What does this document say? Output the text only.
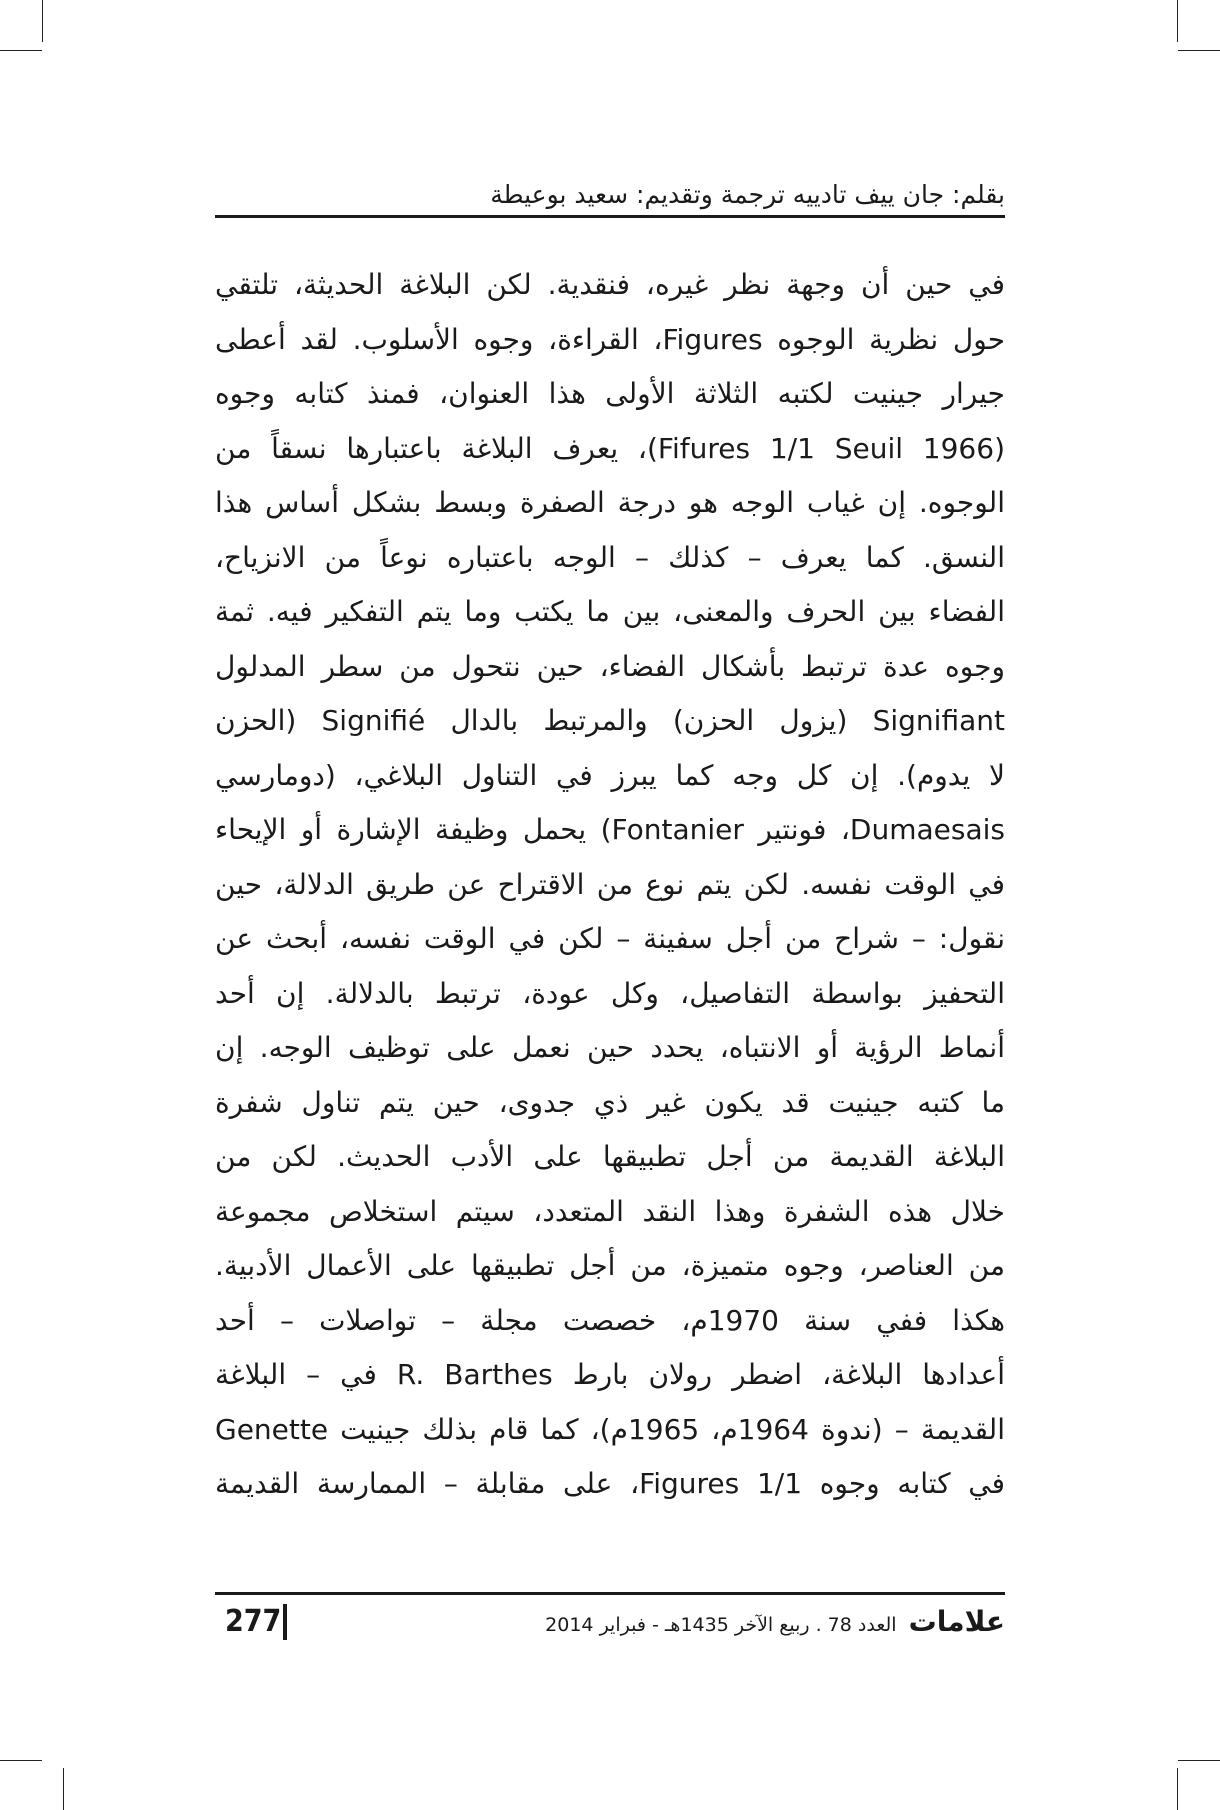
بقلم: جان ييف تادييه ترجمة وتقديم: سعيد بوعيطة
في حين أن وجهة نظر غيره، فنقدية. لكن البلاغة الحديثة، تلتقي
حول نظرية الوجوه Figures، القراءة، وجوه الأسلوب. لقد أعطى
جيرار جينيت لكتبه الثلاثة الأولى هذا العنوان، فمنذ كتابه وجوه
(Fifures 1/1 Seuil 1966)، يعرف البلاغة باعتبارها نسقاً من
الوجوه. إن غياب الوجه هو درجة الصفرة وبسط بشكل أساس هذا
النسق. كما يعرف – كذلك – الوجه باعتباره نوعاً من الانزياح،
الفضاء بين الحرف والمعنى، بين ما يكتب وما يتم التفكير فيه. ثمة
وجوه عدة ترتبط بأشكال الفضاء، حين نتحول من سطر المدلول
Signifiant (يزول الحزن) والمرتبط بالدال Signifié (الحزن
لا يدوم). إن كل وجه كما يبرز في التناول البلاغي، (دومارسي
Dumaesais، فونتير Fontanier) يحمل وظيفة الإشارة أو الإيحاء
في الوقت نفسه. لكن يتم نوع من الاقتراح عن طريق الدلالة، حين
نقول: – شراح من أجل سفينة – لكن في الوقت نفسه، أبحث عن
التحفيز بواسطة التفاصيل، وكل عودة، ترتبط بالدلالة. إن أحد
أنماط الرؤية أو الانتباه، يحدد حين نعمل على توظيف الوجه. إن
ما كتبه جينيت قد يكون غير ذي جدوى، حين يتم تناول شفرة
البلاغة القديمة من أجل تطبيقها على الأدب الحديث. لكن من
خلال هذه الشفرة وهذا النقد المتعدد، سيتم استخلاص مجموعة
من العناصر، وجوه متميزة، من أجل تطبيقها على الأعمال الأدبية.
هكذا ففي سنة 1970م، خصصت مجلة – تواصلات – أحد
أعدادها البلاغة، اضطر رولان بارط R. Barthes في – البلاغة
القديمة – (ندوة 1964م، 1965م)، كما قام بذلك جينيت Genette
في كتابه وجوه Figures 1/1، على مقابلة – الممارسة القديمة
277	علامات العدد 78 . ربيع الآخر 1435هـ - فبراير 2014
